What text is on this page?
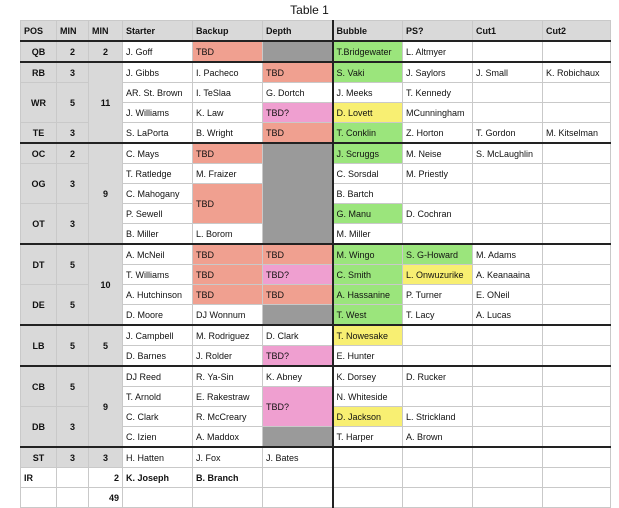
Table 1
POS	MIN	MIN	Starter	Backup	Depth	Bubble	PS?	Cut1	Cut2
QB	2	2	J. Goff	TBD		T.Bridgewater	L. Altmyer		
RB	3	11	J. Gibbs	I. Pacheco	TBD	S. Vaki	J. Saylors	J. Small	K. Robichaux
WR	5		AR. St. Brown	I. TeSlaa	G. Dortch	J. Meeks	T. Kennedy		
			J. Williams	K. Law	TBD?	D. Lovett	MCunningham		
TE	3		S. LaPorta	B. Wright	TBD	T. Conklin	Z. Horton	T. Gordon	M. Kitselman
OC	2	9	C. Mays	TBD		J. Scruggs	M. Neise	S. McLaughlin	
OG	3		T. Ratledge	M. Fraizer		C. Sorsdal	M. Priestly		
			C. Mahogany	TBD		B. Bartch			
OT	3		P. Sewell			G. Manu	D. Cochran		
			B. Miller	L. Borom		M. Miller			
DT	5	10	A. McNeil	TBD	TBD	M. Wingo	S. G-Howard	M. Adams	
			T. Williams	TBD	TBD?	C. Smith	L. Onwuzurike	A. Keanaaina	
DE	5		A. Hutchinson	TBD	TBD	A. Hassanine	P. Turner	E. ONeil	
			D. Moore	DJ Wonnum		T. West	T. Lacy	A. Lucas	
LB	5	5	J. Campbell	M. Rodriguez	D. Clark	T. Nowesake			
			D. Barnes	J. Rolder	TBD?	E. Hunter			
CB	5	9	DJ Reed	R. Ya-Sin	K. Abney	K. Dorsey	D. Rucker		
			T. Arnold	E. Rakestraw	TBD?	N. Whiteside			
DB	3		C. Clark	R. McCreary		D. Jackson	L. Strickland		
			C. Izien	A. Maddox		T. Harper	A. Brown		
ST	3	3	H. Hatten	J. Fox	J. Bates				
IR		2	K. Joseph	B. Branch					
		49							
